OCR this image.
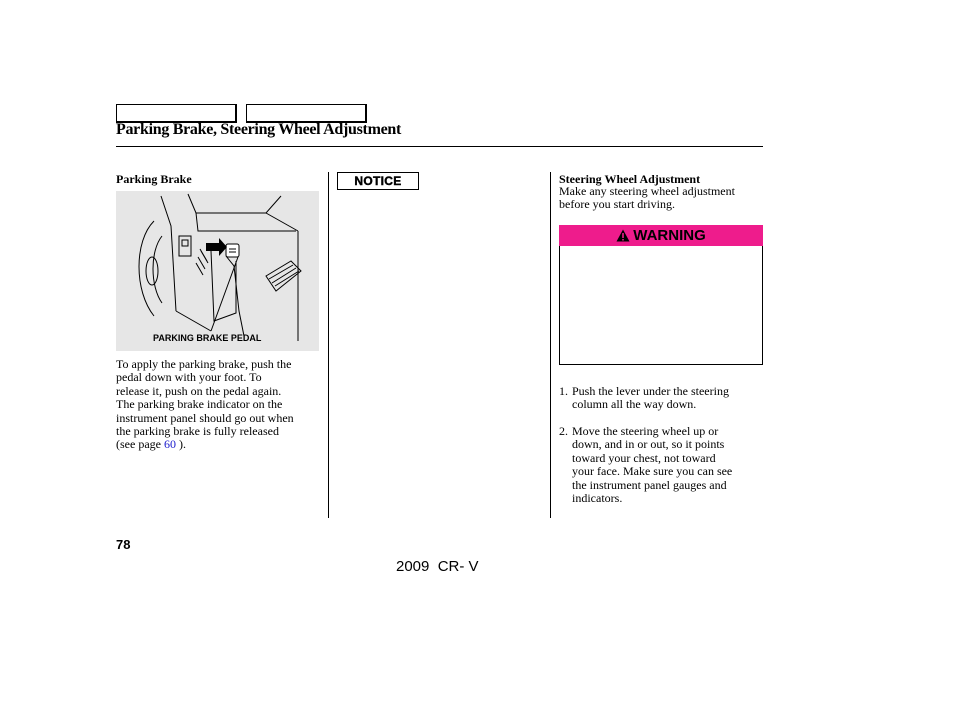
Parking Brake, Steering Wheel Adjustment
Parking Brake
PARKING BRAKE PEDAL
To apply the parking brake, push the
pedal down with your foot. To
release it, push on the pedal again.
The parking brake indicator on the
instrument panel should go out when
the parking brake is fully released
(see page 60 ).
NOTICE	Steering Wheel Adjustment
Make any steering wheel adjustment
before you start driving.
WARNING
1. Push the lever under the steering
column all the way down.
2. Move the steering wheel up or
down, and in or out, so it points
toward your chest, not toward
your face. Make sure you can see
the instrument panel gauges and
indicators.
78
2009  CR- V
